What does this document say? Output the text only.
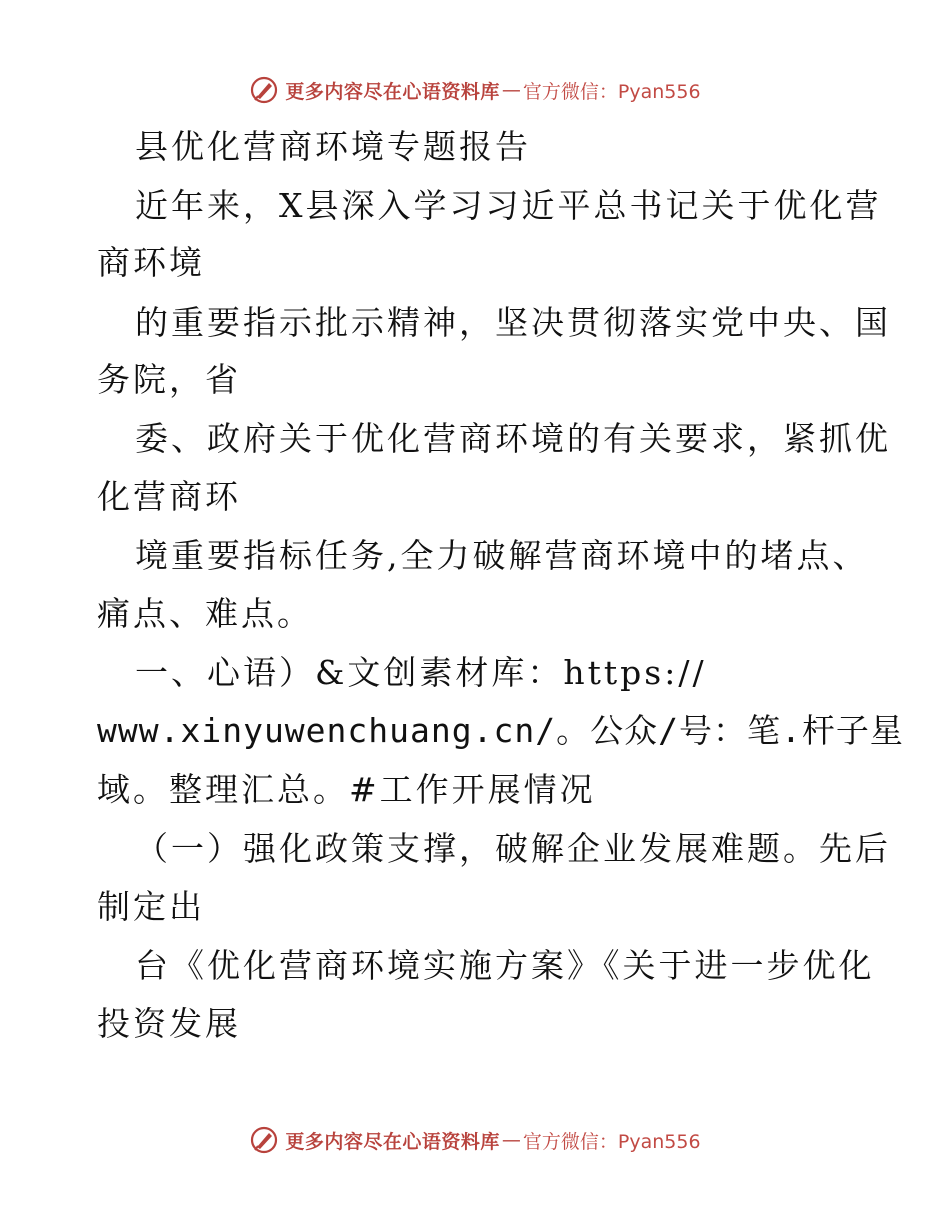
更多内容尽在心语资料库 — 官方微信：Pyan556
县优化营商环境专题报告
近年来，X县深入学习习近平总书记关于优化营
商环境
的重要指示批示精神，坚决贯彻落实党中央、国
务院，省
委、政府关于优化营商环境的有关要求，紧抓优
化营商环
境重要指标任务,全力破解营商环境中的堵点、
痛点、难点。
一、心语）&文创素材库：https://
www.xinyuwenchuang.cn/。公众/号：笔.杆子星
域。整理汇总。#工作开展情况
（一）强化政策支撑，破解企业发展难题。先后
制定出
台《优化营商环境实施方案》《关于进一步优化
投资发展
更多内容尽在心语资料库 — 官方微信：Pyan556
